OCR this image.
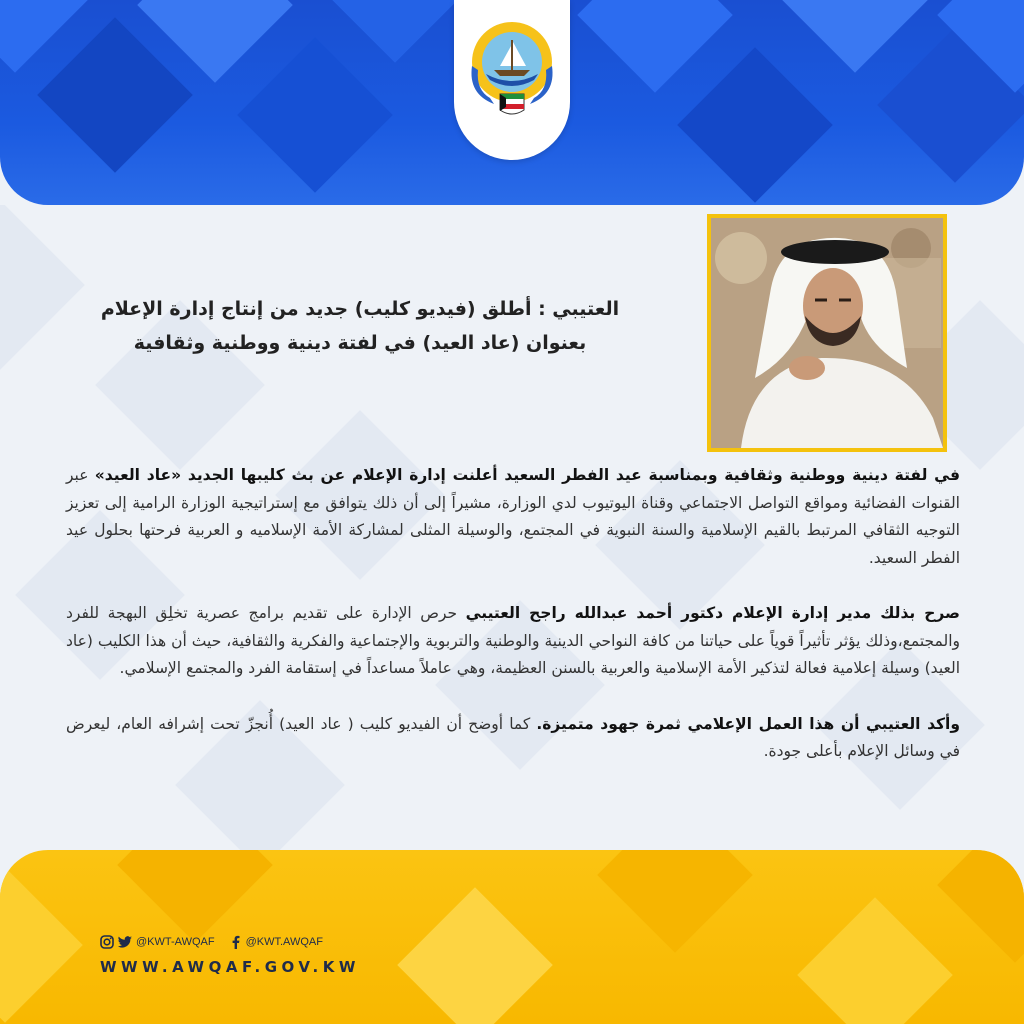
العتيبي : أطلق (فيديو كليب) جديد من إنتاج إدارة الإعلام
بعنوان (عاد العيد) في لفتة دينية ووطنية وثقافية

في لفتة دينية ووطنية وثقافية وبمناسبة عيد الفطر السعيد أعلنت إدارة الإعلام عن بث كليبها الجديد «عاد العيد» عبر القنوات الفضائية ومواقع التواصل الاجتماعي وقناة اليوتيوب لدي الوزارة، مشيراً إلى أن ذلك يتوافق مع إستراتيجية الوزارة الرامية إلى تعزيز التوجيه الثقافي المرتبط بالقيم الإسلامية والسنة النبوية في المجتمع، والوسيلة المثلى لمشاركة الأمة الإسلاميه و العربية فرحتها بحلول عيد الفطر السعيد.

صرح بذلك مدير إدارة الإعلام دكتور أحمد عبدالله راجح العتيبي حرص الإدارة على تقديم برامج عصرية تخلِق البهجة للفرد والمجتمع،وذلك يؤثر تأثيراً قوياً على حياتنا من كافة النواحي الدينية والوطنية والتربوية والإجتماعية والفكرية والثقافية، حيث أن هذا الكليب (عاد العيد) وسيلة إعلامية فعالة لتذكير الأمة الإسلامية والعربية بالسنن العظيمة، وهي عاملاً مساعداً في إستقامة الفرد والمجتمع الإسلامي.

وأكد العتيبي أن هذا العمل الإعلامي ثمرة جهود متميزة. كما أوضح أن الفيديو كليب ( عاد العيد) أُنجزّ تحت إشرافه العام، ليعرض في وسائل الإعلام بأعلى جودة.

@KWT-AWQAF	@KWT.AWQAF
WWW.AWQAF.GOV.KW
